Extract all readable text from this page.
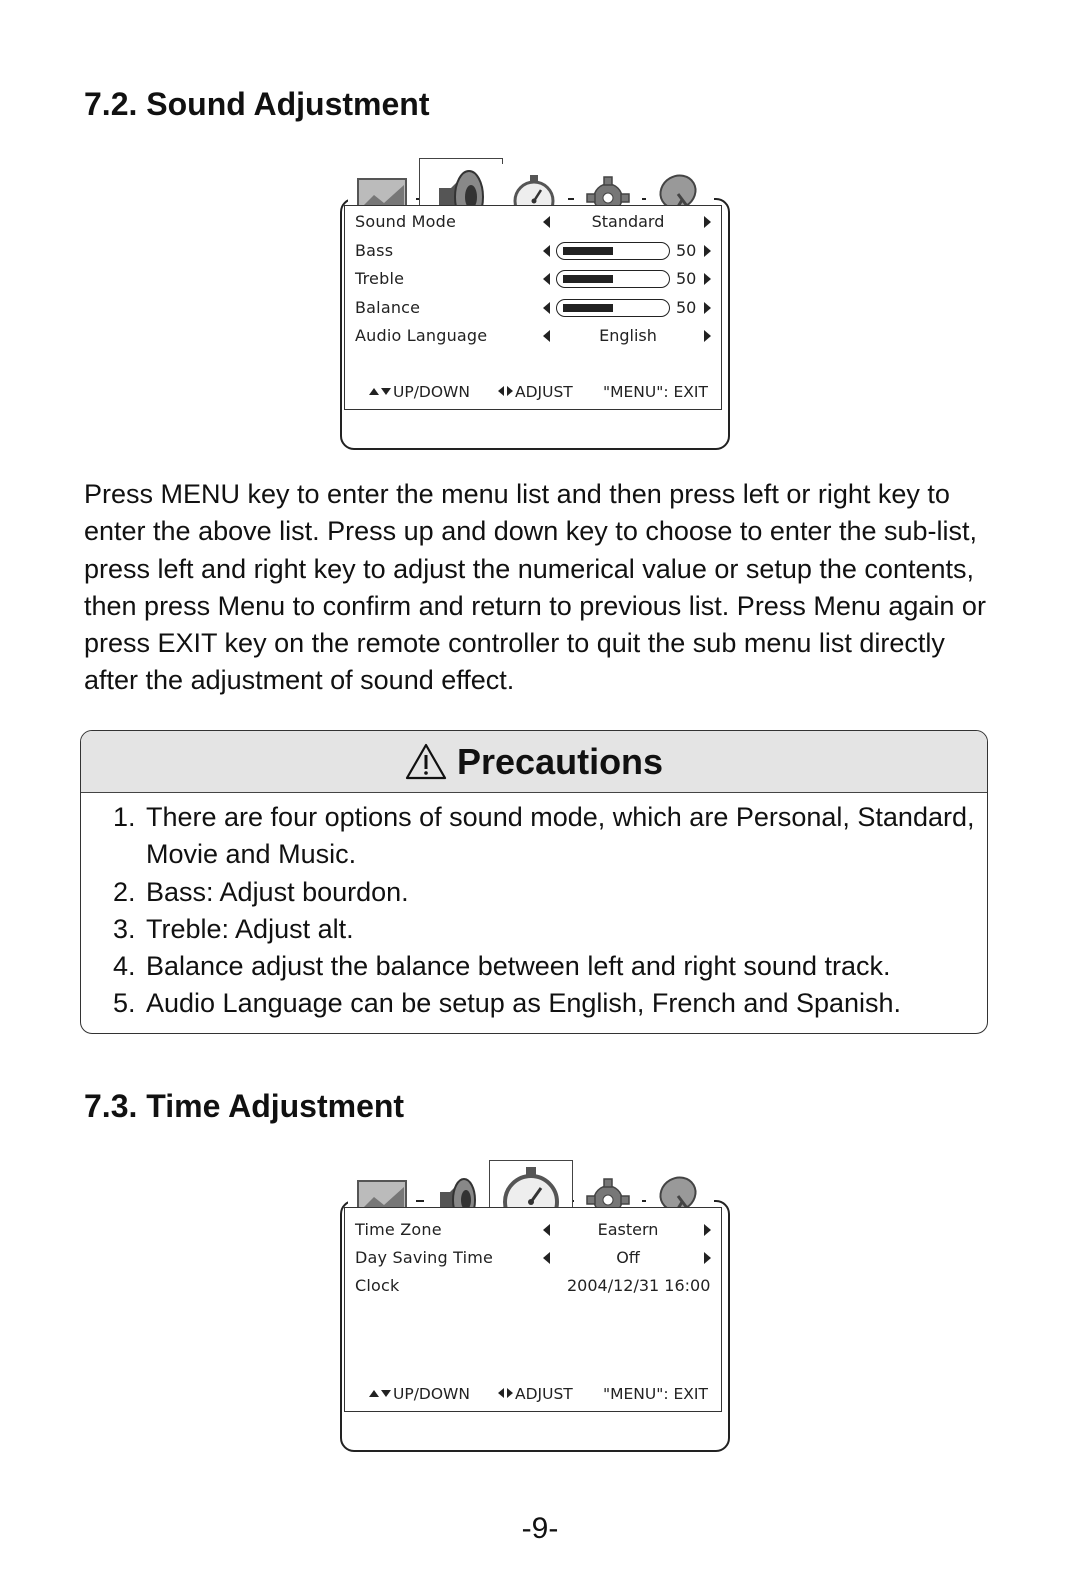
7.2. Sound Adjustment
Sound Mode	Standard
Bass	50
Treble	50
Balance	50
Audio Language	English
UP/DOWN	ADJUST "MENU": EXIT

Press MENU key to enter the menu list and then press left or right key to enter the above list. Press up and down key to choose to enter the sub-list, press left and right key to adjust the numerical value or setup the contents, then press Menu to confirm and return to previous list. Press Menu again or press EXIT key on the remote controller to quit the sub menu list directly after the adjustment of sound effect.

Precautions
1. There are four options of sound mode, which are Personal, Standard, Movie and Music.
2. Bass: Adjust bourdon.
3. Treble: Adjust alt.
4. Balance adjust the balance between left and right sound track.
5. Audio Language can be setup as English, French and Spanish.
7.3. Time Adjustment
Time Zone	Eastern
Day Saving Time	Off
Clock	2004/12/31 16:00
UP/DOWN	ADJUST "MENU": EXIT
-9-
